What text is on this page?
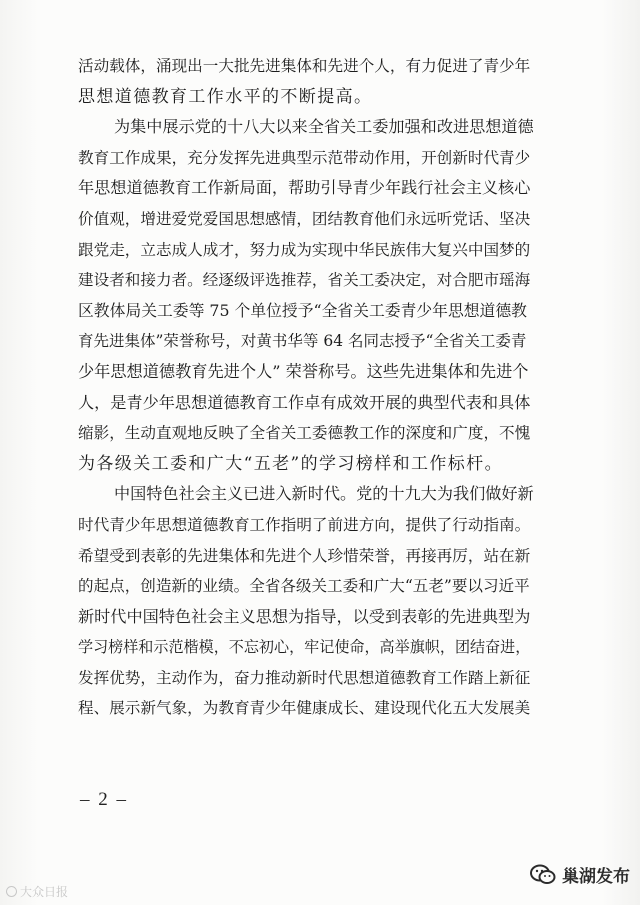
活动载体，涌现出一大批先进集体和先进个人，有力促进了青少年
思想道德教育工作水平的不断提高。
为集中展示党的十八大以来全省关工委加强和改进思想道德
教育工作成果，充分发挥先进典型示范带动作用，开创新时代青少
年思想道德教育工作新局面，帮助引导青少年践行社会主义核心
价值观，增进爱党爱国思想感情，团结教育他们永远听党话、坚决
跟党走，立志成人成才，努力成为实现中华民族伟大复兴中国梦的
建设者和接力者。经逐级评选推荐，省关工委决定，对合肥市瑶海
区教体局关工委等 75 个单位授予“全省关工委青少年思想道德教
育先进集体”荣誉称号，对黄书华等 64 名同志授予“全省关工委青
少年思想道德教育先进个人” 荣誉称号。这些先进集体和先进个
人，是青少年思想道德教育工作卓有成效开展的典型代表和具体
缩影，生动直观地反映了全省关工委德教工作的深度和广度，不愧
为各级关工委和广大“五老”的学习榜样和工作标杆。
中国特色社会主义已进入新时代。党的十九大为我们做好新
时代青少年思想道德教育工作指明了前进方向，提供了行动指南。
希望受到表彰的先进集体和先进个人珍惜荣誉，再接再厉，站在新
的起点，创造新的业绩。全省各级关工委和广大“五老”要以习近平
新时代中国特色社会主义思想为指导，以受到表彰的先进典型为
学习榜样和示范楷模，不忘初心，牢记使命，高举旗帜，团结奋进，
发挥优势，主动作为，奋力推动新时代思想道德教育工作踏上新征
程、展示新气象，为教育青少年健康成长、建设现代化五大发展美
– 2 –
大众日报
巢湖发布
